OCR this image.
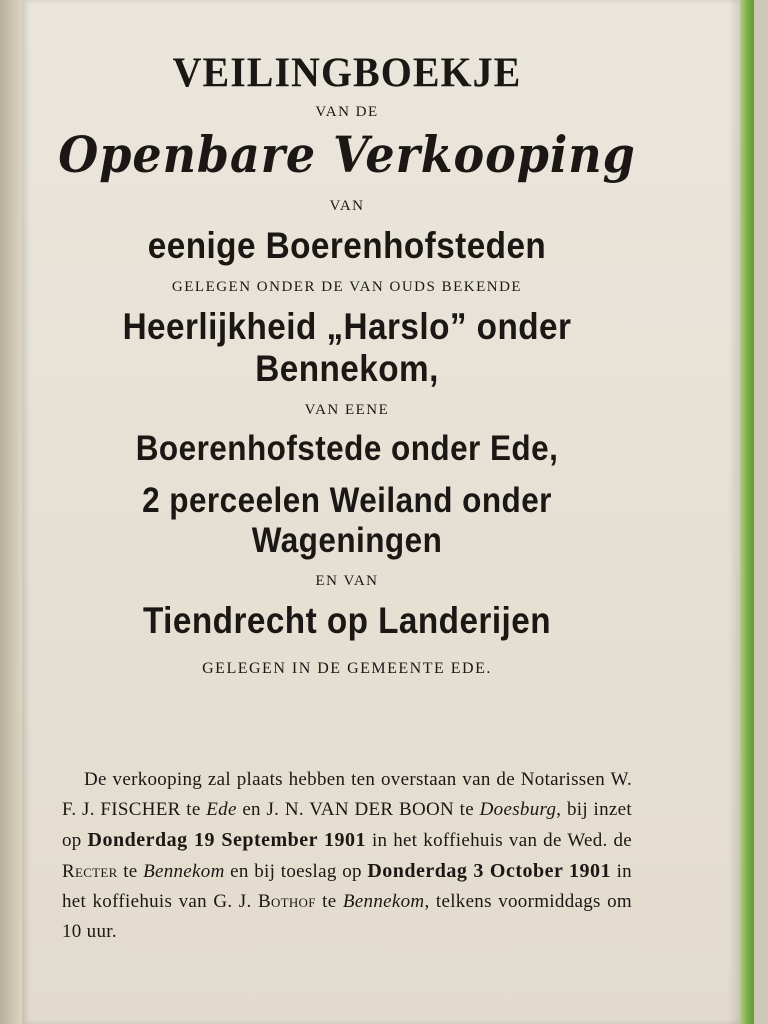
VEILINGBOEKJE
VAN DE
Openbare Verkooping
VAN
eenige Boerenhofsteden
GELEGEN ONDER DE VAN OUDS BEKENDE
Heerlijkheid „Harslo” onder Bennekom,
VAN EENE
Boerenhofstede onder Ede,
2 perceelen Weiland onder Wageningen
EN VAN
Tiendrecht op Landerijen
GELEGEN IN DE GEMEENTE EDE.
De verkooping zal plaats hebben ten overstaan van de Notarissen W. F. J. FISCHER te Ede en J. N. VAN DER BOON te Doesburg, bij inzet op Donderdag 19 September 1901 in het koffiehuis van de Wed. de Recter te Bennekom en bij toeslag op Donderdag 3 October 1901 in het koffiehuis van G. J. Bothof te Bennekom, telkens voormiddags om 10 uur.
